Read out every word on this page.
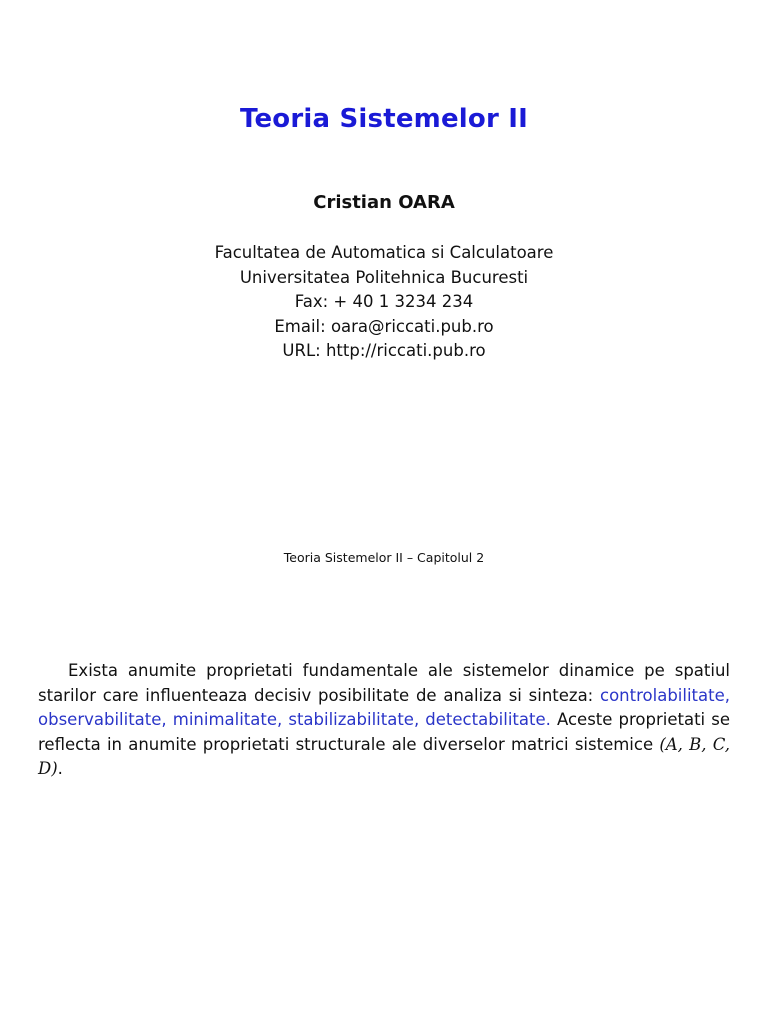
Teoria Sistemelor II
Cristian OARA
Facultatea de Automatica si Calculatoare
Universitatea Politehnica Bucuresti
Fax: + 40 1 3234 234
Email: oara@riccati.pub.ro
URL: http://riccati.pub.ro
Teoria Sistemelor II – Capitolul 2

Exista anumite proprietati fundamentale ale sistemelor dinamice pe spatiul starilor care influenteaza decisiv posibilitate de analiza si sinteza: controlabilitate, observabilitate, minimalitate, stabilizabilitate, detectabilitate. Aceste proprietati se reflecta in anumite proprietati structurale ale diverselor matrici sistemice (A, B, C, D).
